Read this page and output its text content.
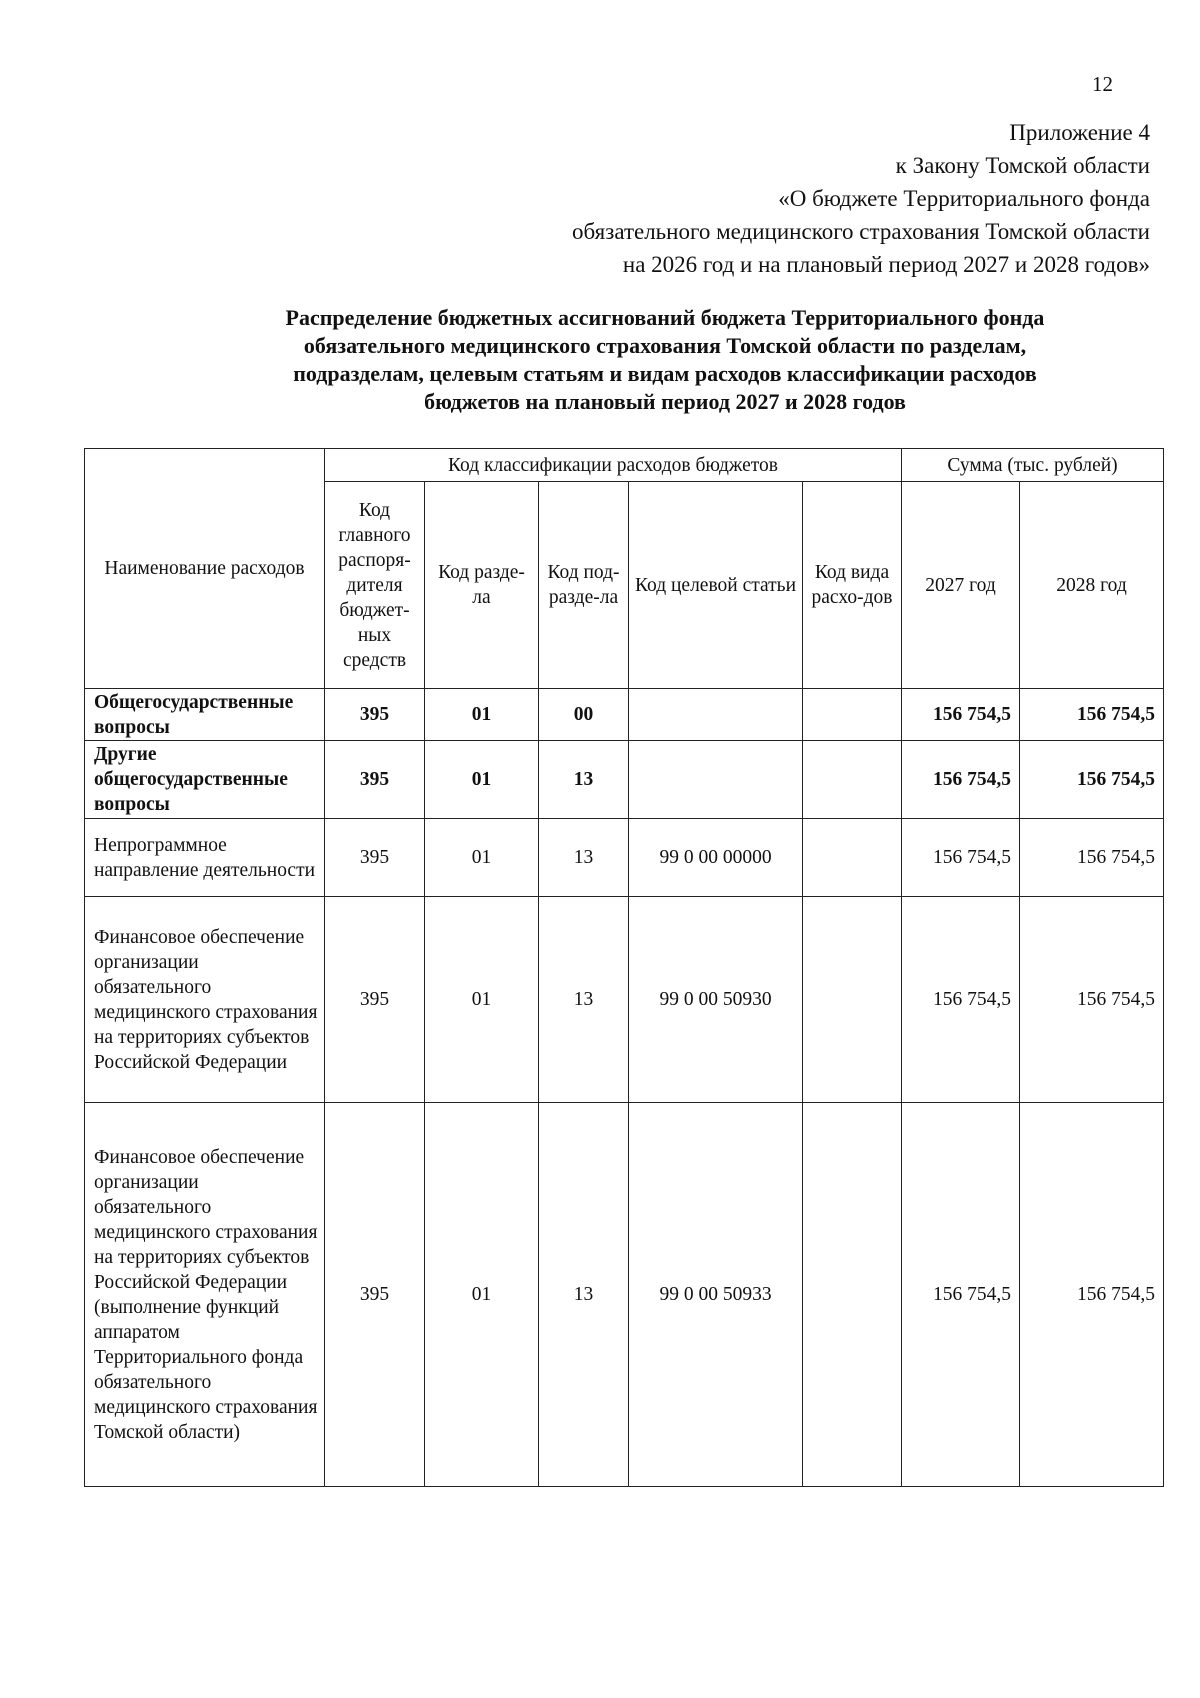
12
Приложение 4
к Закону Томской области
«О бюджете Территориального фонда
обязательного медицинского страхования Томской области
на 2026 год и на плановый период 2027 и 2028 годов»
Распределение бюджетных ассигнований бюджета Территориального фонда
обязательного медицинского страхования Томской области по разделам,
подразделам, целевым статьям и видам расходов классификации расходов
бюджетов на плановый период 2027 и 2028 годов
Наименование расходов	Код классификации расходов бюджетов					Сумма (тыс. рублей)	
	Код главного распоря-дителя бюджет-ных средств	Код разде-ла	Код под-разде-ла	Код целевой статьи	Код вида расхо-дов	2027 год	2028 год
Общегосударственные вопросы	395	01	00			156 754,5	156 754,5
Другие общегосударственные вопросы	395	01	13			156 754,5	156 754,5
Непрограммное направление деятельности	395	01	13	99 0 00 00000		156 754,5	156 754,5
Финансовое обеспечение организации обязательного медицинского страхования на территориях субъектов Российской Федерации	395	01	13	99 0 00 50930		156 754,5	156 754,5
Финансовое обеспечение организации обязательного медицинского страхования на территориях субъектов Российской Федерации (выполнение функций аппаратом Территориального фонда обязательного медицинского страхования Томской области)	395	01	13	99 0 00 50933		156 754,5	156 754,5
